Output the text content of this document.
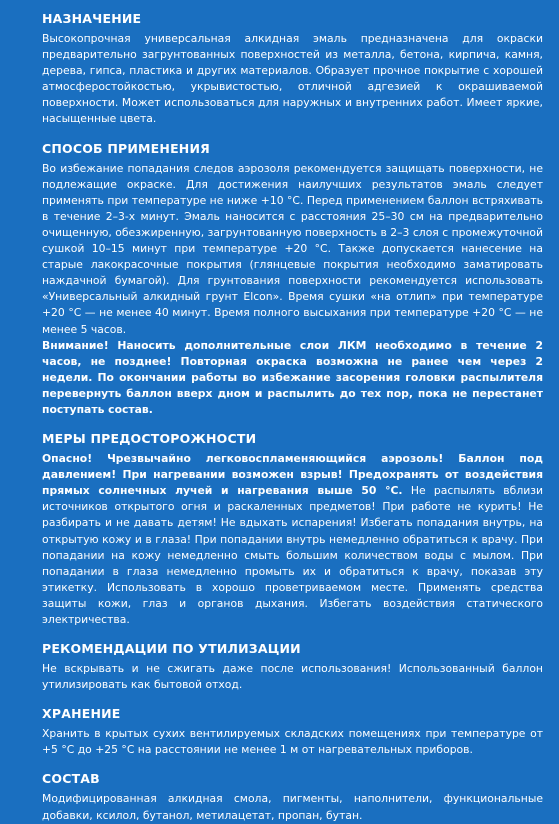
НАЗНАЧЕНИЕ

Высокопрочная универсальная алкидная эмаль предназначена для окраски предварительно загрунтованных поверхностей из металла, бетона, кирпича, камня, дерева, гипса, пластика и других материалов. Образует прочное покрытие с хорошей атмосферостойкостью, укрывистостью, отличной адгезией к окрашиваемой поверхности. Может использоваться для наружных и внутренних работ. Имеет яркие, насыщенные цвета.

СПОСОБ ПРИМЕНЕНИЯ

Во избежание попадания следов аэрозоля рекомендуется защищать поверхности, не подлежащие окраске. Для достижения наилучших результатов эмаль следует применять при температуре не ниже +10 °С. Перед применением баллон встряхивать в течение 2–3-х минут. Эмаль наносится с расстояния 25–30 см на предварительно очищенную, обезжиренную, загрунтованную поверхность в 2–3 слоя с промежуточной сушкой 10–15 минут при температуре +20 °С. Также допускается нанесение на старые лакокрасочные покрытия (глянцевые покрытия необходимо заматировать наждачной бумагой). Для грунтования поверхности рекомендуется использовать «Универсальный алкидный грунт Elcon». Время сушки «на отлип» при температуре +20 °С — не менее 40 минут. Время полного высыхания при температуре +20 °С — не менее 5 часов.

Внимание! Наносить дополнительные слои ЛКМ необходимо в течение 2 часов, не позднее! Повторная окраска возможна не ранее чем через 2 недели. По окончании работы во избежание засорения головки распылителя перевернуть баллон вверх дном и распылить до тех пор, пока не перестанет поступать состав.

МЕРЫ ПРЕДОСТОРОЖНОСТИ

Опасно! Чрезвычайно легковоспламеняющийся аэрозоль! Баллон под давлением! При нагревании возможен взрыв! Предохранять от воздействия прямых солнечных лучей и нагревания выше 50 °С. Не распылять вблизи источников открытого огня и раскаленных предметов! При работе не курить! Не разбирать и не давать детям! Не вдыхать испарения! Избегать попадания внутрь, на открытую кожу и в глаза! При попадании внутрь немедленно обратиться к врачу. При попадании на кожу немедленно смыть большим количеством воды с мылом. При попадании в глаза немедленно промыть их и обратиться к врачу, показав эту этикетку. Использовать в хорошо проветриваемом месте. Применять средства защиты кожи, глаз и органов дыхания. Избегать воздействия статического электричества.

РЕКОМЕНДАЦИИ ПО УТИЛИЗАЦИИ

Не вскрывать и не сжигать даже после использования! Использованный баллон утилизировать как бытовой отход.

ХРАНЕНИЕ

Хранить в крытых сухих вентилируемых складских помещениях при температуре от +5 °С до +25 °С на расстоянии не менее 1 м от нагревательных приборов.

СОСТАВ

Модифицированная алкидная смола, пигменты, наполнители, функциональные добавки, ксилол, бутанол, метилацетат, пропан, бутан.
